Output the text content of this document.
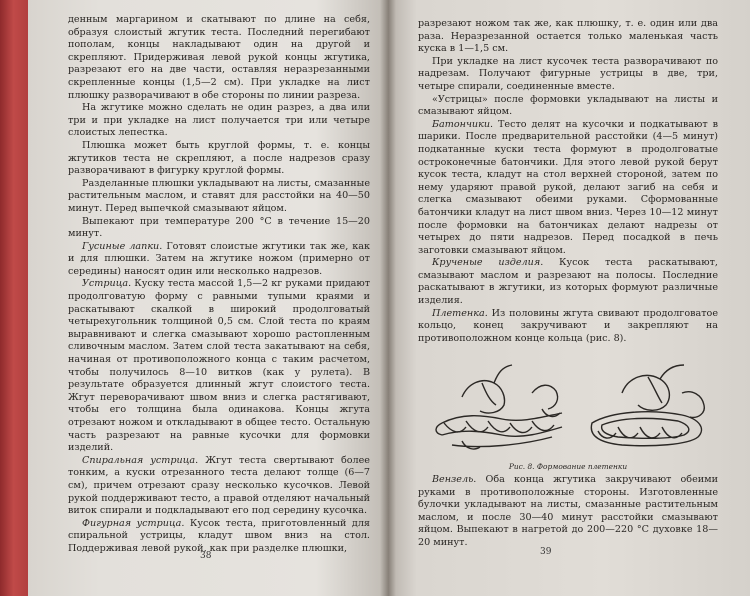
денным маргарином и скатывают по длине на себя, образуя слоистый жгутик теста. Последний перегибают пополам, концы накладывают один на другой и скрепляют. Придерживая левой рукой концы жгутика, разрезают его на две части, оставляя неразрезанными скрепленные концы (1,5—2 см). При укладке на лист плюшку разворачивают в обе стороны по линии разреза.

На жгутике можно сделать не один разрез, а два или три и при укладке на лист получается три или четыре слоистых лепестка.

Плюшка может быть круглой формы, т. е. концы жгутиков теста не скрепляют, а после надрезов сразу разворачивают в фигурку круглой формы.

Разделанные плюшки укладывают на листы, смазанные растительным маслом, и ставят для расстойки на 40—50 минут. Перед выпечкой смазывают яйцом.

Выпекают при температуре 200 °С в течение 15—20 минут.

Гусиные лапки. Готовят слоистые жгутики так же, как и для плюшки. Затем на жгутике ножом (примерно от середины) наносят один или несколько надрезов.

Устрица. Куску теста массой 1,5—2 кг руками придают продолговатую форму с равными тупыми краями и раскатывают скалкой в широкий продолговатый четырехугольник толщиной 0,5 см. Слой теста по краям выравнивают и слегка смазывают хорошо растопленным сливочным маслом. Затем слой теста закатывают на себя, начиная от противоположного конца с таким расчетом, чтобы получилось 8—10 витков (как у рулета). В результате образуется длинный жгут слоистого теста. Жгут переворачивают швом вниз и слегка растягивают, чтобы его толщина была одинакова. Концы жгута отрезают ножом и откладывают в общее тесто. Остальную часть разрезают на равные кусочки для формовки изделий.

Спиральная устрица. Жгут теста свертывают более тонким, а куски отрезанного теста делают толще (6—7 см), причем отрезают сразу несколько кусочков. Левой рукой поддерживают тесто, а правой отделяют начальный виток спирали и подкладывают его под середину кусочка.

Фигурная устрица. Кусок теста, приготовленный для спиральной устрицы, кладут швом вниз на стол. Поддерживая левой рукой, как при разделке плюшки,

38

разрезают ножом так же, как плюшку, т. е. один или два раза. Неразрезанной остается только маленькая часть куска в 1—1,5 см.

При укладке на лист кусочек теста разворачивают по надрезам. Получают фигурные устрицы в две, три, четыре спирали, соединенные вместе.

«Устрицы» после формовки укладывают на листы и смазывают яйцом.

Батончики. Тесто делят на кусочки и подкатывают в шарики. После предварительной расстойки (4—5 минут) подкатанные куски теста формуют в продолговатые остроконечные батончики. Для этого левой рукой берут кусок теста, кладут на стол верхней стороной, затем по нему ударяют правой рукой, делают загиб на себя и слегка смазывают обеими руками. Сформованные батончики кладут на лист швом вниз. Через 10—12 минут после формовки на батончиках делают надрезы от четырех до пяти надрезов. Перед посадкой в печь заготовки смазывают яйцом.

Крученые изделия. Кусок теста раскатывают, смазывают маслом и разрезают на полосы. Последние раскатывают в жгутики, из которых формуют различные изделия.

Плетенка. Из половины жгута свивают продолговатое кольцо, конец закручивают и закрепляют на противоположном конце кольца (рис. 8).

Рис. 8. Формование плетенки

Вензель. Оба конца жгутика закручивают обеими руками в противоположные стороны. Изготовленные булочки укладывают на листы, смазанные растительным маслом, и после 30—40 минут расстойки смазывают яйцом. Выпекают в нагретой до 200—220 °С духовке 18—20 минут.

39
